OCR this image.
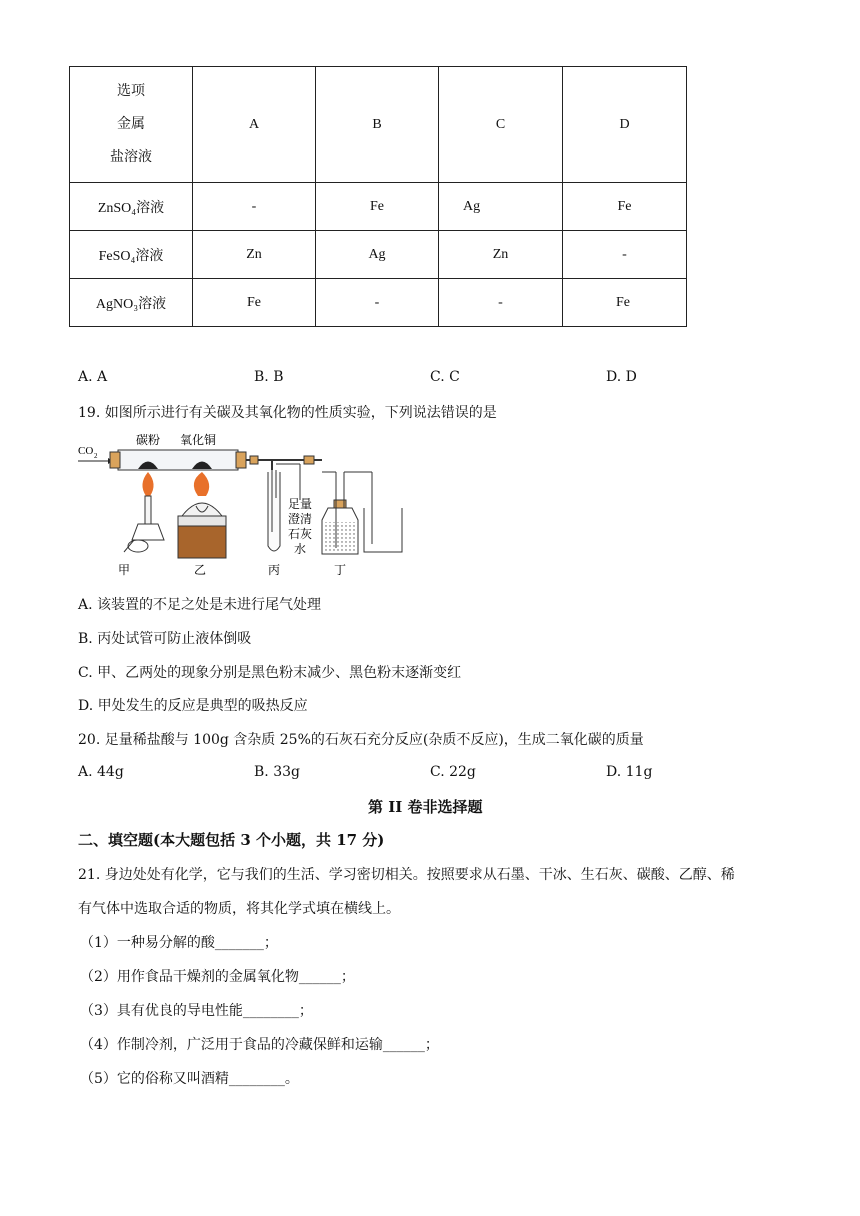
选项
金属
盐溶液	A	B	C	D
ZnSO₄溶液	-	Fe	Ag	Fe
FeSO₄溶液	Zn	Ag	Zn	-
AgNO₃溶液	Fe	-	-	Fe
A. A	B. B	C. C	D. D
19. 如图所示进行有关碳及其氧化物的性质实验，下列说法错误的是
CO 2
碳粉 氧化铜
足量
澄清
石灰
水
甲	乙	丙	丁
A. 该装置的不足之处是未进行尾气处理
B. 丙处试管可防止液体倒吸
C. 甲、乙两处的现象分别是黑色粉末减少、黑色粉末逐渐变红
D. 甲处发生的反应是典型的吸热反应
20. 足量稀盐酸与 100g 含杂质 25%的石灰石充分反应(杂质不反应)，生成二氧化碳的质量
A. 44g	B. 33g	C. 22g	D. 11g
第 II 卷非选择题
二、填空题(本大题包括 3 个小题，共 17 分)
21. 身边处处有化学，它与我们的生活、学习密切相关。按照要求从石墨、干冰、生石灰、碳酸、乙醇、稀
有气体中选取合适的物质，将其化学式填在横线上。
（1）一种易分解的酸_______；
（2）用作食品干燥剂的金属氧化物______；
（3）具有优良的导电性能________；
（4）作制冷剂，广泛用于食品的冷藏保鲜和运输______；
（5）它的俗称又叫酒精________。
